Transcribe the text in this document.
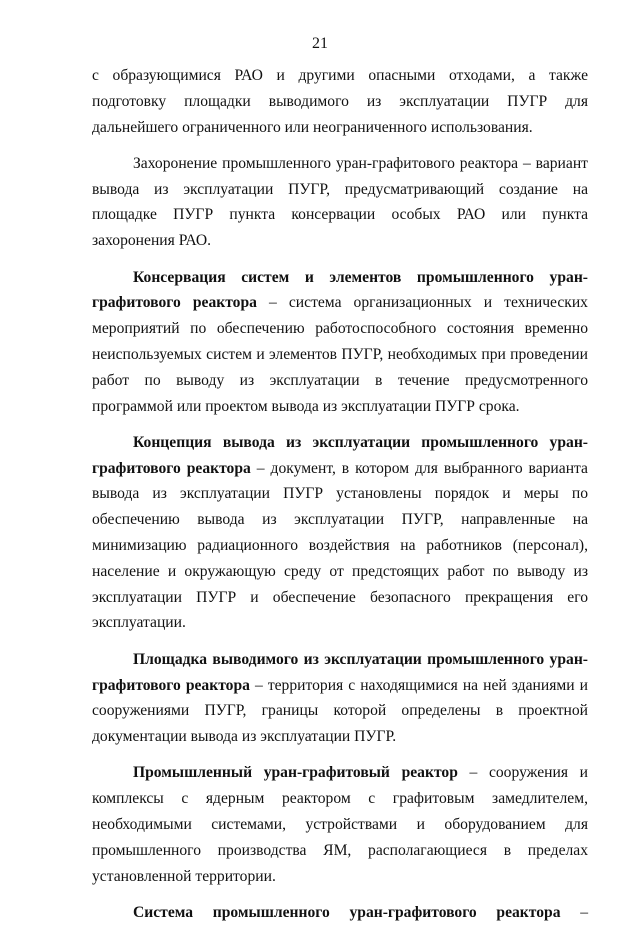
21

с образующимися РАО и другими опасными отходами, а также подготовку площадки выводимого из эксплуатации ПУГР для дальнейшего ограниченного или неограниченного использования.

Захоронение промышленного уран-графитового реактора – вариант вывода из эксплуатации ПУГР, предусматривающий создание на площадке ПУГР пункта консервации особых РАО или пункта захоронения РАО.

Консервация систем и элементов промышленного уран-графитового реактора – система организационных и технических мероприятий по обеспечению работоспособного состояния временно неиспользуемых систем и элементов ПУГР, необходимых при проведении работ по выводу из эксплуатации в течение предусмотренного программой или проектом вывода из эксплуатации ПУГР срока.

Концепция вывода из эксплуатации промышленного уран-графитового реактора – документ, в котором для выбранного варианта вывода из эксплуатации ПУГР установлены порядок и меры по обеспечению вывода из эксплуатации ПУГР, направленные на минимизацию радиационного воздействия на работников (персонал), население и окружающую среду от предстоящих работ по выводу из эксплуатации ПУГР и обеспечение безопасного прекращения его эксплуатации.

Площадка выводимого из эксплуатации промышленного уран-графитового реактора – территория с находящимися на ней зданиями и сооружениями ПУГР, границы которой определены в проектной документации вывода из эксплуатации ПУГР.

Промышленный уран-графитовый реактор – сооружения и комплексы с ядерным реактором с графитовым замедлителем, необходимыми системами, устройствами и оборудованием для промышленного производства ЯМ, располагающиеся в пределах установленной территории.

Система промышленного уран-графитового реактора –
